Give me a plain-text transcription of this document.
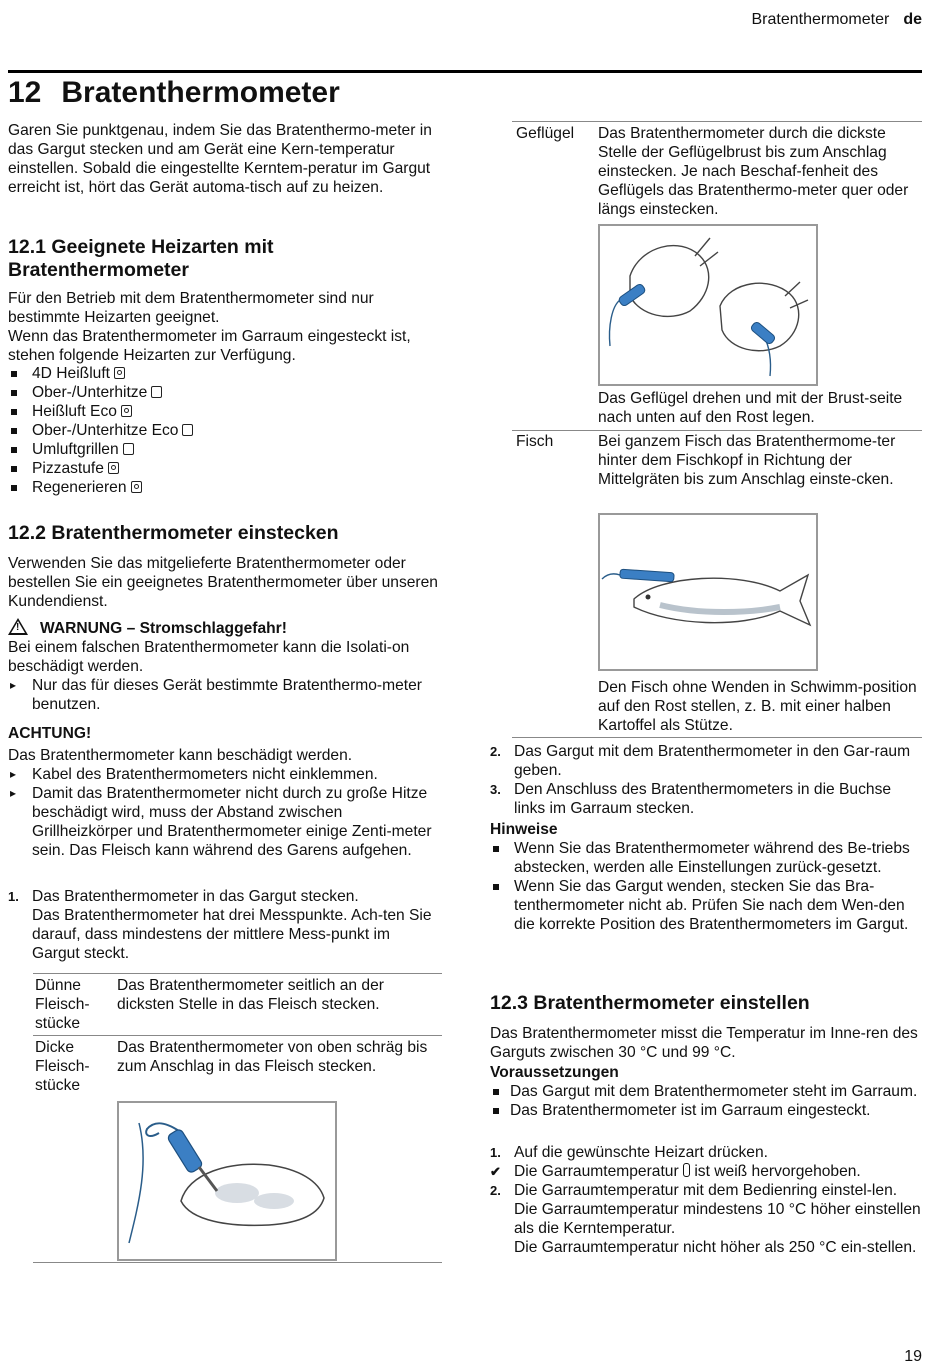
Bratenthermometer de
12 Bratenthermometer

Garen Sie punktgenau, indem Sie das Bratenthermo-meter in das Gargut stecken und am Gerät eine Kern-temperatur einstellen. Sobald die eingestellte Kerntem-peratur im Gargut erreicht ist, hört das Gerät automa-tisch auf zu heizen.

12.1 Geeignete Heizarten mit Bratenthermometer

Für den Betrieb mit dem Bratenthermometer sind nur bestimmte Heizarten geeignet.

Wenn das Bratenthermometer im Garraum eingesteckt ist, stehen folgende Heizarten zur Verfügung.

4D Heißluft
Ober-/Unterhitze
Heißluft Eco
Ober-/Unterhitze Eco
Umluftgrillen
Pizzastufe
Regenerieren
12.2 Bratenthermometer einstecken

Verwenden Sie das mitgelieferte Bratenthermometer oder bestellen Sie ein geeignetes Bratenthermometer über unseren Kundendienst.

!WARNUNG – Stromschlaggefahr!

Bei einem falschen Bratenthermometer kann die Isolati-on beschädigt werden.

▸ Nur das für dieses Gerät bestimmte Bratenthermo-meter benutzen.

ACHTUNG!

Das Bratenthermometer kann beschädigt werden.

▸ Kabel des Bratenthermometers nicht einklemmen.
▸ Damit das Bratenthermometer nicht durch zu große Hitze beschädigt wird, muss der Abstand zwischen Grillheizkörper und Bratenthermometer einige Zenti-meter sein. Das Fleisch kann während des Garens aufgehen.
1. Das Bratenthermometer in das Gargut stecken.
Das Bratenthermometer hat drei Messpunkte. Ach-ten Sie darauf, dass mindestens der mittlere Mess-punkt im Gargut steckt.
Dünne Fleisch-stücke
Das Bratenthermometer seitlich an der dicksten Stelle in das Fleisch stecken.
Dicke Fleisch-stücke
Das Bratenthermometer von oben schräg bis zum Anschlag in das Fleisch stecken.
Geflügel	Das Bratenthermometer durch die dickste Stelle der Geflügelbrust bis zum Anschlag einstecken. Je nach Beschaf-fenheit des Geflügels das Bratenthermo-meter quer oder längs einstecken.
Das Geflügel drehen und mit der Brust-seite nach unten auf den Rost legen.
Fisch	Bei ganzem Fisch das Bratenthermome-ter hinter dem Fischkopf in Richtung der Mittelgräten bis zum Anschlag einste-cken.
Den Fisch ohne Wenden in Schwimm-position auf den Rost stellen, z. B. mit einer halben Kartoffel als Stütze.
2. Das Gargut mit dem Bratenthermometer in den Gar-raum geben.
3. Den Anschluss des Bratenthermometers in die Buchse links im Garraum stecken.

Hinweise

Wenn Sie das Bratenthermometer während des Be-triebs abstecken, werden alle Einstellungen zurück-gesetzt.
Wenn Sie das Gargut wenden, stecken Sie das Bra-tenthermometer nicht ab. Prüfen Sie nach dem Wen-den die korrekte Position des Bratenthermometers im Gargut.
12.3 Bratenthermometer einstellen

Das Bratenthermometer misst die Temperatur im Inne-ren des Garguts zwischen 30 °C und 99 °C.

Voraussetzungen

Das Gargut mit dem Bratenthermometer steht im Garraum.
Das Bratenthermometer ist im Garraum eingesteckt.
1. Auf die gewünschte Heizart drücken.
✔ Die Garraumtemperatur ist weiß hervorgehoben.
2. Die Garraumtemperatur mit dem Bedienring einstel-len.
Die Garraumtemperatur mindestens 10 °C höher einstellen als die Kerntemperatur.
Die Garraumtemperatur nicht höher als 250 °C ein-stellen.
19
